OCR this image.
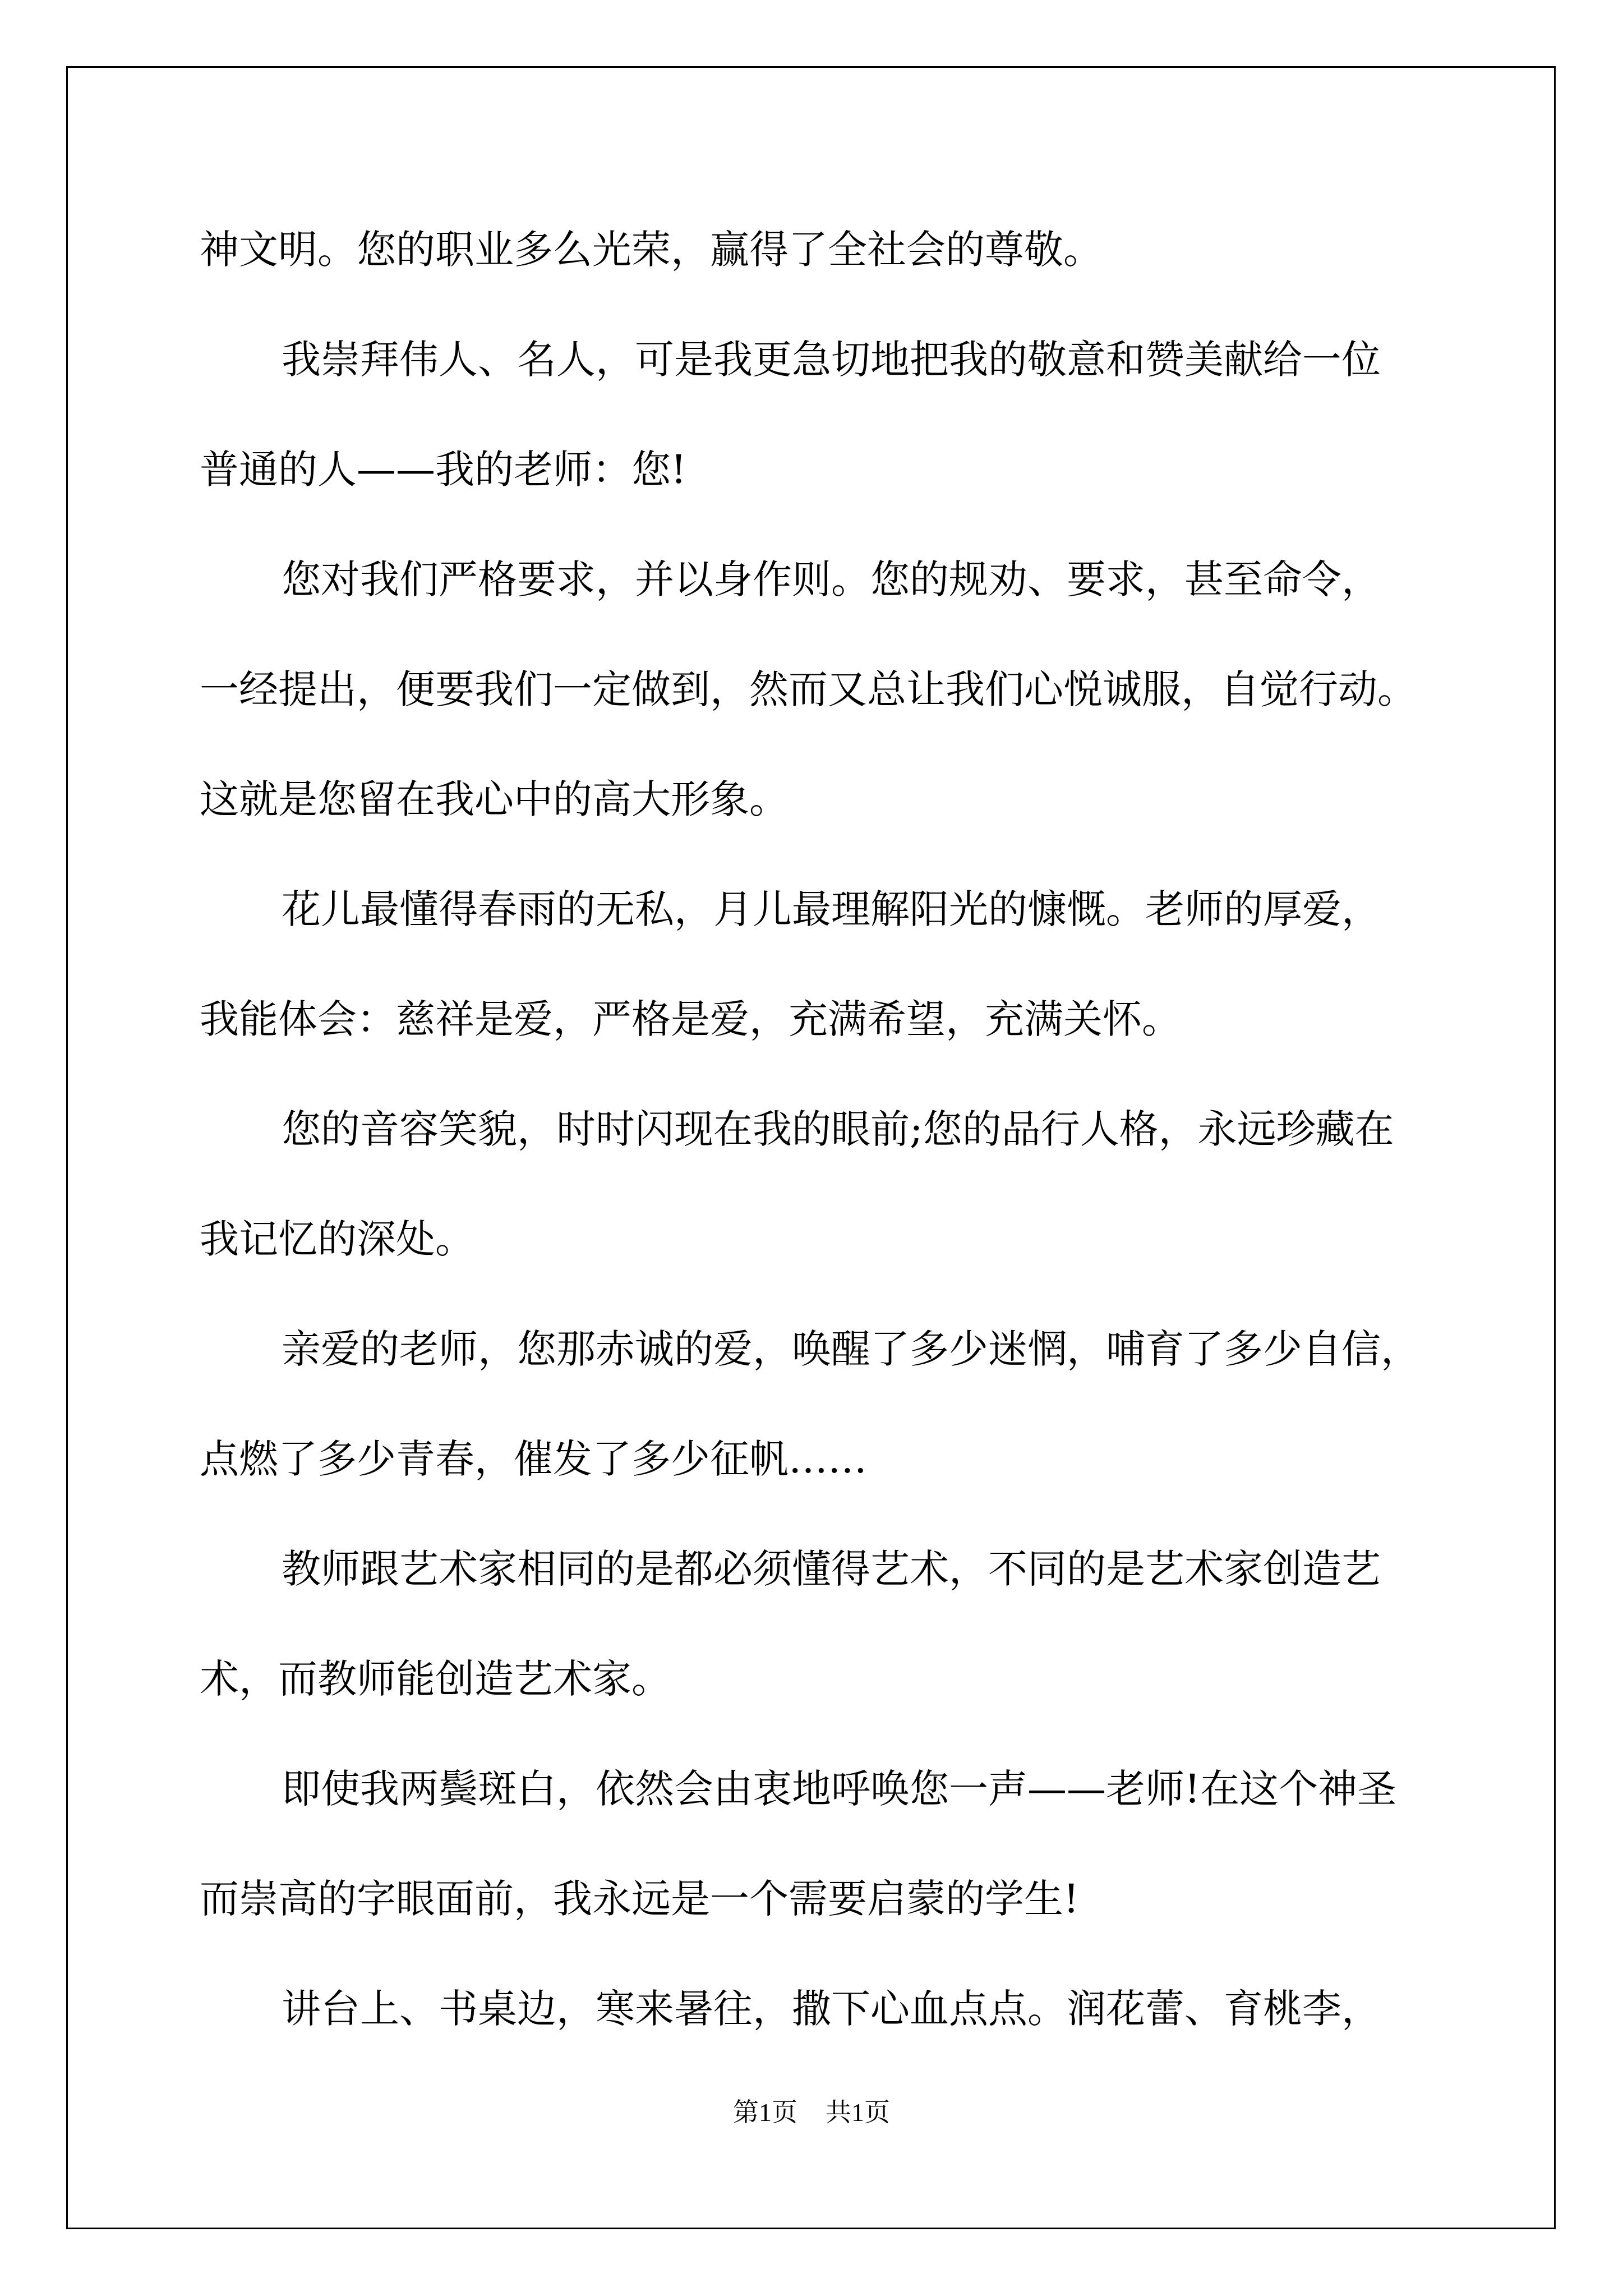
神文明。您的职业多么光荣，赢得了全社会的尊敬。
我崇拜伟人、名人，可是我更急切地把我的敬意和赞美献给一位
普通的人——我的老师：您!
您对我们严格要求，并以身作则。您的规劝、要求，甚至命令，
一经提出，便要我们一定做到，然而又总让我们心悦诚服，自觉行动。
这就是您留在我心中的高大形象。
花儿最懂得春雨的无私，月儿最理解阳光的慷慨。老师的厚爱，
我能体会：慈祥是爱，严格是爱，充满希望，充满关怀。
您的音容笑貌，时时闪现在我的眼前;您的品行人格，永远珍藏在
我记忆的深处。
亲爱的老师，您那赤诚的爱，唤醒了多少迷惘，哺育了多少自信，
点燃了多少青春，催发了多少征帆……
教师跟艺术家相同的是都必须懂得艺术，不同的是艺术家创造艺
术，而教师能创造艺术家。
即使我两鬓斑白，依然会由衷地呼唤您一声——老师!在这个神圣
而崇高的字眼面前，我永远是一个需要启蒙的学生!
讲台上、书桌边，寒来暑往，撒下心血点点。润花蕾、育桃李，
第1页 共1页
